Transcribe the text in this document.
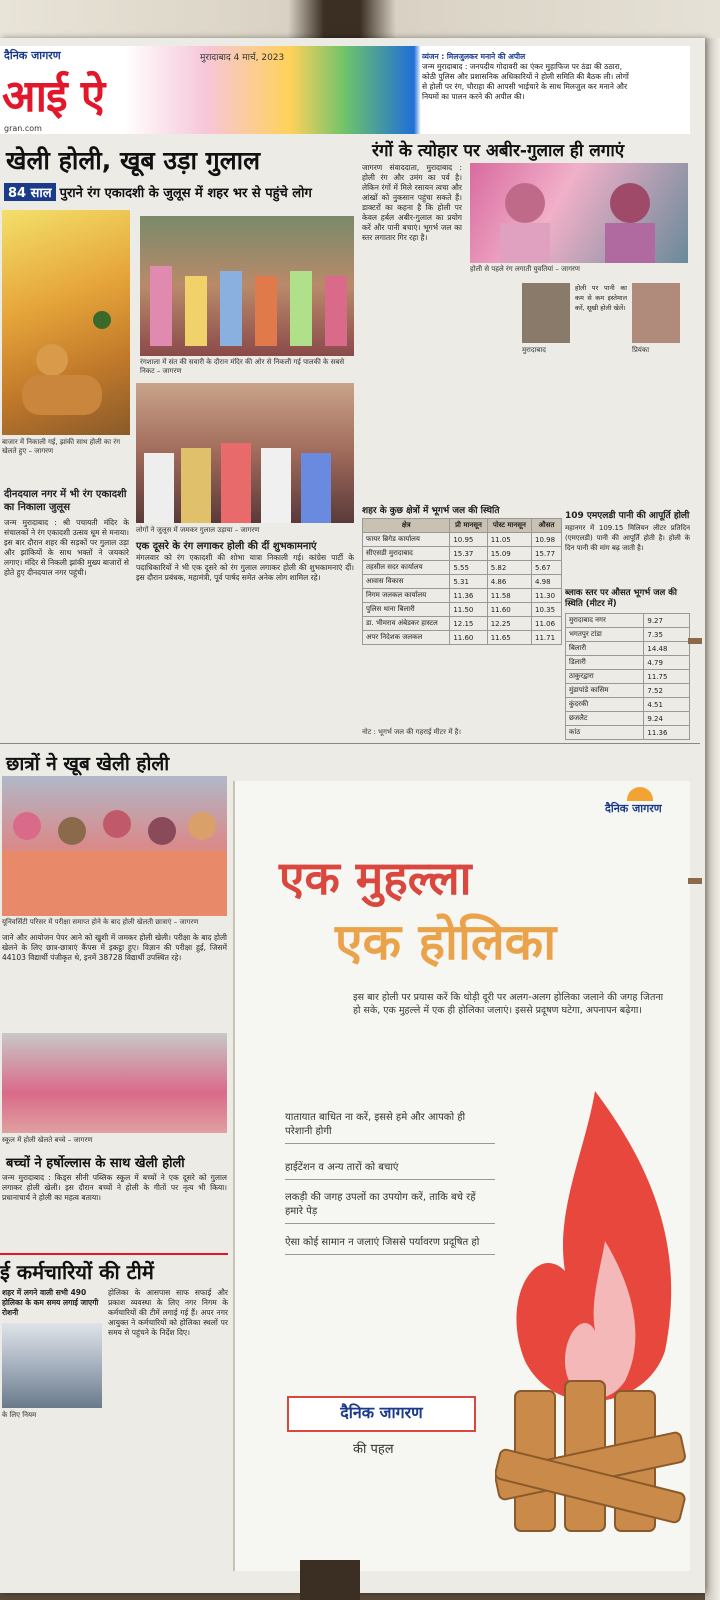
दैनिक जागरण
आई ऐ
मुरादाबाद 4 मार्च, 2023
gran.com
व्यंजन : मिलजुलकर मनाने की अपील
जन्म मुरादाबाद : जनपदीय गोदावरी का एंकर मुहाफिज पर ठंडा की ठठारा, कोठी पुलिस और प्रशासनिक अधिकारियों ने होली समिति की बैठक ली। लोगों से होली पर रंग, चौराहा की आपसी भाईचारे के साथ मिलजुल कर मनाने और नियमों का पालन करने की अपील की।
खेली होली, खूब उड़ा गुलाल
84 साल पुराने रंग एकादशी के जुलूस में शहर भर से पहुंचे लोग
बाजार में निकाली गई, झांकी साथ होली का रंग खेलते हुए – जागरण
रंगशाला में संत की सवारी के दौरान मंदिर की ओर से निकली गई पालकी के सबसे निकट – जागरण
लोगों ने जुलूस में जमकर गुलाल उड़ाया – जागरण
दीनदयाल नगर में भी रंग एकादशी का निकाला जुलूस
जन्म मुरादाबाद : श्री पचायती मंदिर के संचालकों ने रंग एकादशी उत्सव धूम से मनाया। इस बार दौरान शहर की सड़कों पर गुलाल उड़ा और झांकियों के साथ भक्तों ने जयकारे लगाए। मंदिर से निकली झांकी मुख्य बाजारों से होते हुए दीनदयाल नगर पहुंची।
एक दूसरे के रंग लगाकर होली की दीं शुभकामनाएं
मंगलवार को रंग एकादशी की शोभा यात्रा निकाली गई। कांग्रेस पार्टी के पदाधिकारियों ने भी एक दूसरे को रंग गुलाल लगाकर होली की शुभकामनाएं दीं। इस दौरान प्रबंधक, महामंत्री, पूर्व पार्षद समेत अनेक लोग शामिल रहे।
रंगों के त्योहार पर अबीर-गुलाल ही लगाएं
जागरण संवाददाता, मुरादाबाद : होली रंग और उमंग का पर्व है। लेकिन रंगों में मिले रसायन त्वचा और आंखों को नुकसान पहुंचा सकते हैं। डाक्टरों का कहना है कि होली पर केवल हर्बल अबीर-गुलाल का प्रयोग करें और पानी बचाएं। भूगर्भ जल का स्तर लगातार गिर रहा है।
होली से पहले रंग लगाती युवतियां – जागरण
होली पर पानी का कम से कम इस्तेमाल करें, सूखी होली खेलें।
मुरादाबाद	प्रियंका
शहर के कुछ क्षेत्रों में भूगर्भ जल की स्थिति
क्षेत्र	प्री मानसून	पोस्ट मानसून	औसत
फायर ब्रिगेड कार्यालय	10.95	11.05	10.98
सीएसडी मुरादाबाद	15.37	15.09	15.77
तहसील सदर कार्यालय	5.55	5.82	5.67
आवास विकास	5.31	4.86	4.98
निगम जलकल कार्यालय	11.36	11.58	11.30
पुलिस थाना बिलारी	11.50	11.60	10.35
डा. भीमराव अंबेडकर हास्टल	12.15	12.25	11.06
अपर निदेशक जलकल	11.60	11.65	11.71
नोट : भूगर्भ जल की गहराई मीटर में है।
109 एमएलडी पानी की आपूर्ति होली
महानगर में 109.15 मिलियन लीटर प्रतिदिन (एमएलडी) पानी की आपूर्ति होती है। होली के दिन पानी की मांग बढ़ जाती है।
ब्लाक स्तर पर औसत भूगर्भ जल की स्थिति (मीटर में)
मुरादाबाद नगर	9.27
भगतपुर टांडा	7.35
बिलारी	14.48
डिलारी	4.79
ठाकुरद्वारा	11.75
मुंडापांडे कासिम	7.52
कुंदरकी	4.51
छजलैट	9.24
कांठ	11.36
छात्रों ने खूब खेली होली
यूनिवर्सिटी परिसर में परीक्षा समाप्त होने के बाद होली खेलती छात्राएं – जागरण
जाने और आयोजन पेपर आने को खुशी में जमकर होली खेली। परीक्षा के बाद होली खेलने के लिए छात्र-छात्राएं कैंपस में इकट्ठा हुए। विज्ञान की परीक्षा हुई, जिसमें 44103 विद्यार्थी पंजीकृत थे, इनमें 38728 विद्यार्थी उपस्थित रहे।
स्कूल में होली खेलते बच्चे – जागरण
बच्चों ने हर्षोल्लास के साथ खेली होली
जन्म मुरादाबाद : किड्स सीनी पब्लिक स्कूल में बच्चों ने एक दूसरे को गुलाल लगाकर होली खेली। इस दौरान बच्चों ने होली के गीतों पर नृत्य भी किया। प्रधानाचार्य ने होली का महत्व बताया।
ई कर्मचारियों की टीमें
शहर में लगने वाली सभी 490 होलिका के कम समय लगाई जाएगी रोशनी
के लिए नियम
होलिका के आसपास साफ सफाई और प्रकाश व्यवस्था के लिए नगर निगम के कर्मचारियों की टीमें लगाई गई हैं। अपर नगर आयुक्त ने कर्मचारियों को होलिका स्थलों पर समय से पहुंचने के निर्देश दिए।
दैनिक जागरण
एक मुहल्ला
एक होलिका
इस बार होली पर प्रयास करें कि थोड़ी दूरी पर अलग-अलग होलिका जलाने की जगह जितना हो सके, एक मुहल्ले में एक ही होलिका जलाएं। इससे प्रदूषण घटेगा, अपनापन बढ़ेगा।
यातायात बाधित ना करें, इससे हमे और आपको ही परेशानी होगी
हाईटेंशन व अन्य तारों को बचाएं
लकड़ी की जगह उपलों का उपयोग करें, ताकि बचे रहें हमारे पेड़
ऐसा कोई सामान न जलाएं जिससे पर्यावरण प्रदूषित हो
दैनिक जागरण
की पहल
